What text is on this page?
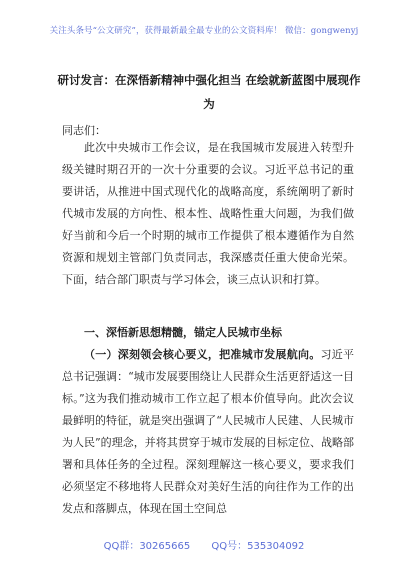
关注头条号“公文研究”，获得最新最全最专业的公文资料库！ 微信：gongwenyj
研讨发言：在深悟新精神中强化担当 在绘就新蓝图中展现作为
同志们：

此次中央城市工作会议，是在我国城市发展进入转型升级关键时期召开的一次十分重要的会议。习近平总书记的重要讲话，从推进中国式现代化的战略高度，系统阐明了新时代城市发展的方向性、根本性、战略性重大问题，为我们做好当前和今后一个时期的城市工作提供了根本遵循作为自然资源和规划主管部门负责同志，我深感责任重大使命光荣。下面，结合部门职责与学习体会，谈三点认识和打算。

一、深悟新思想精髓，锚定人民城市坐标

（一）深刻领会核心要义，把准城市发展航向。习近平总书记强调：“城市发展要围绕让人民群众生活更舒适这一目标。”这为我们推动城市工作立起了根本价值导向。此次会议最鲜明的特征，就是突出强调了“人民城市人民建、人民城市为人民”的理念，并将其贯穿于城市发展的目标定位、战略部署和具体任务的全过程。深刻理解这一核心要义，要求我们必须坚定不移地将人民群众对美好生活的向往作为工作的出发点和落脚点，体现在国土空间总

QQ群：30265665 QQ号：535304092
